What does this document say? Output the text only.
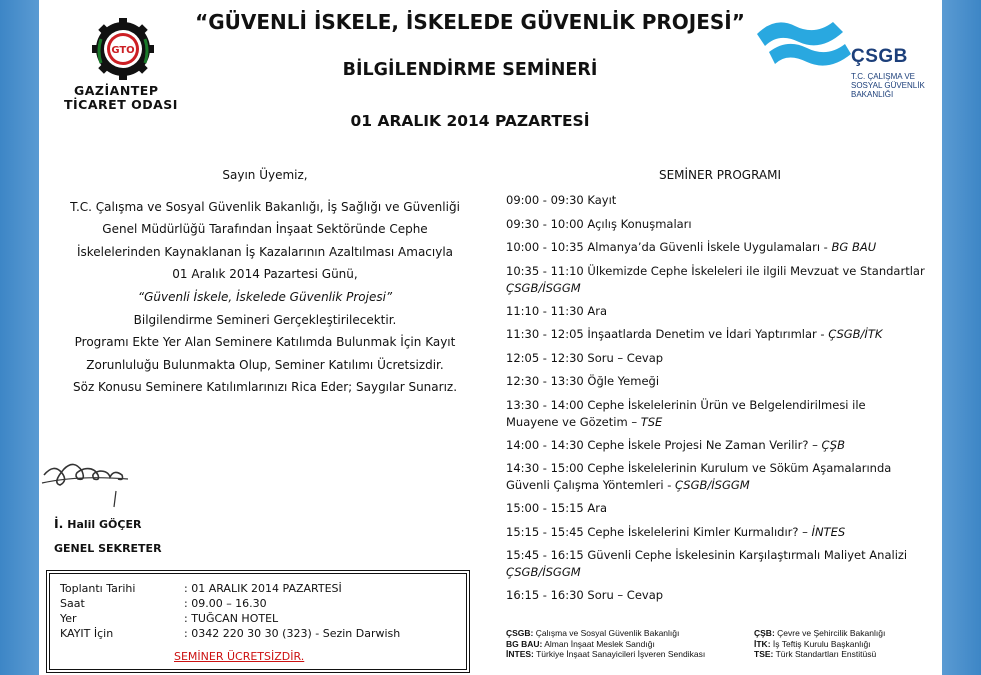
GTO
GAZİANTEP
TİCARET ODASI
“GÜVENLİ İSKELE, İSKELEDE GÜVENLİK PROJESİ”
BİLGİLENDİRME SEMİNERİ
01 ARALIK 2014 PAZARTESİ
ÇSGB
T.C. ÇALIŞMA VE
SOSYAL GÜVENLİK
BAKANLIĞI
Sayın Üyemiz,
T.C. Çalışma ve Sosyal Güvenlik Bakanlığı, İş Sağlığı ve Güvenliği
Genel Müdürlüğü Tarafından İnşaat Sektöründe Cephe
İskelelerinden Kaynaklanan İş Kazalarının Azaltılması Amacıyla
01 Aralık 2014 Pazartesi Günü,
“Güvenli İskele, İskelede Güvenlik Projesi”
Bilgilendirme Semineri Gerçekleştirilecektir.
Programı Ekte Yer Alan Seminere Katılımda Bulunmak İçin Kayıt
Zorunluluğu Bulunmakta Olup, Seminer Katılımı Ücretsizdir.
Söz Konusu Seminere Katılımlarınızı Rica Eder; Saygılar Sunarız.
İ. Halil GÖÇER
GENEL SEKRETER
Toplantı Tarihi	: 01 ARALIK 2014 PAZARTESİ
Saat	: 09.00 – 16.30
Yer	: TUĞCAN HOTEL
KAYIT İçin	: 0342 220 30 30 (323) - Sezin Darwish
SEMİNER ÜCRETSİZDİR.
SEMİNER PROGRAMI
09:00 - 09:30 Kayıt
09:30 - 10:00 Açılış Konuşmaları
10:00 - 10:35 Almanya’da Güvenli İskele Uygulamaları - BG BAU
10:35 - 11:10 Ülkemizde Cephe İskeleleri ile ilgili Mevzuat ve Standartlar ÇSGB/İSGGM
11:10 - 11:30 Ara
11:30 - 12:05 İnşaatlarda Denetim ve İdari Yaptırımlar - ÇSGB/İTK
12:05 - 12:30 Soru – Cevap
12:30 - 13:30 Öğle Yemeği
13:30 - 14:00 Cephe İskelelerinin Ürün ve Belgelendirilmesi ile Muayene ve Gözetim – TSE
14:00 - 14:30 Cephe İskele Projesi Ne Zaman Verilir? – ÇŞB
14:30 - 15:00 Cephe İskelelerinin Kurulum ve Söküm Aşamalarında Güvenli Çalışma Yöntemleri - ÇSGB/İSGGM
15:00 - 15:15 Ara
15:15 - 15:45 Cephe İskelelerini Kimler Kurmalıdır? – İNTES
15:45 - 16:15 Güvenli Cephe İskelesinin Karşılaştırmalı Maliyet Analizi ÇSGB/İSGGM
16:15 - 16:30 Soru – Cevap
ÇSGB: Çalışma ve Sosyal Güvenlik Bakanlığı
BG BAU: Alman İnşaat Meslek Sandığı
İNTES: Türkiye İnşaat Sanayicileri İşveren Sendikası
ÇŞB: Çevre ve Şehircilik Bakanlığı
İTK: İş Teftiş Kurulu Başkanlığı
TSE: Türk Standartları Enstitüsü
